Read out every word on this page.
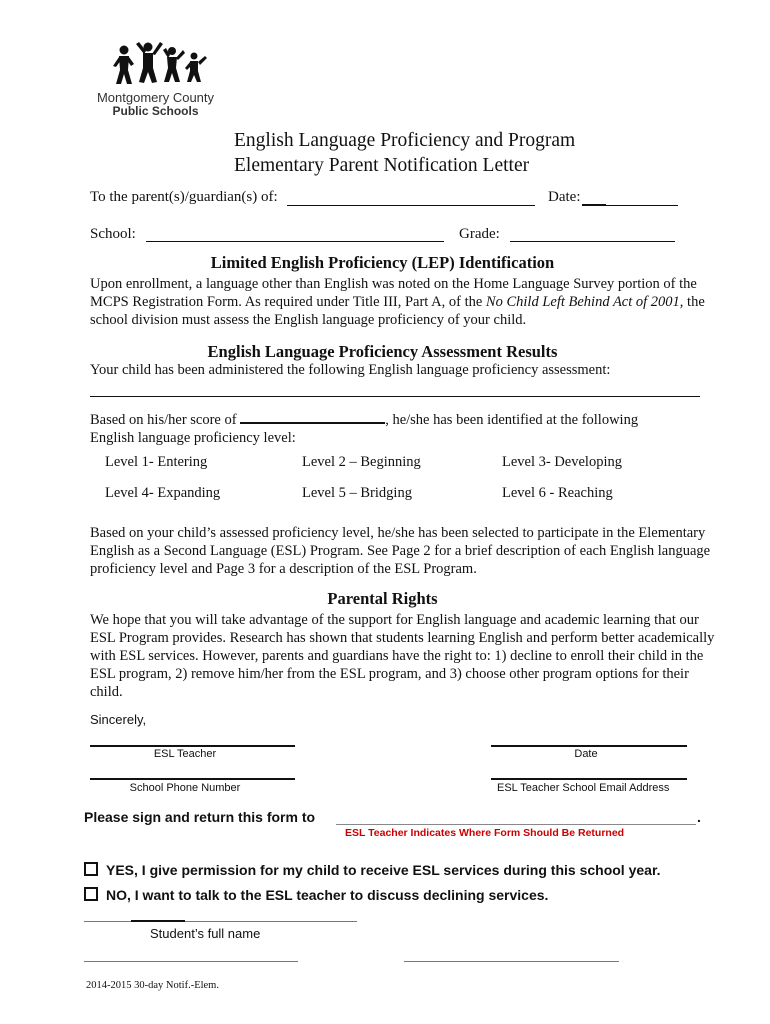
Montgomery County
Public Schools
English Language Proficiency and Program
Elementary Parent Notification Letter
To the parent(s)/guardian(s) of:	Date:
School:	Grade:
Limited English Proficiency (LEP) Identification
Upon enrollment, a language other than English was noted on the Home Language Survey portion of the MCPS Registration Form. As required under Title III, Part A, of the No Child Left Behind Act of 2001, the school division must assess the English language proficiency of your child.
English Language Proficiency Assessment Results
Your child has been administered the following English language proficiency assessment:
Based on his/her score of	, he/she has been identified at the following
English language proficiency level:
Level 1- Entering	Level 2 – Beginning	Level 3- Developing
Level 4- Expanding	Level 5 – Bridging	Level 6 - Reaching
Based on your child’s assessed proficiency level, he/she has been selected to participate in the Elementary English as a Second Language (ESL) Program. See Page 2 for a brief description of each English language proficiency level and Page 3 for a description of the ESL Program.
Parental Rights
We hope that you will take advantage of the support for English language and academic learning that our ESL Program provides. Research has shown that students learning English and perform better academically with ESL services. However, parents and guardians have the right to: 1) decline to enroll their child in the ESL program, 2) remove him/her from the ESL program, and 3) choose other program options for their child.
Sincerely,
ESL Teacher	Date
School Phone Number	ESL Teacher School Email Address
Please sign and return this form to	.
ESL Teacher Indicates Where Form Should Be Returned
YES, I give permission for my child to receive ESL services during this school year.
NO, I want to talk to the ESL teacher to discuss declining services.
Student’s full name
2014-2015 30-day Notif.-Elem.
